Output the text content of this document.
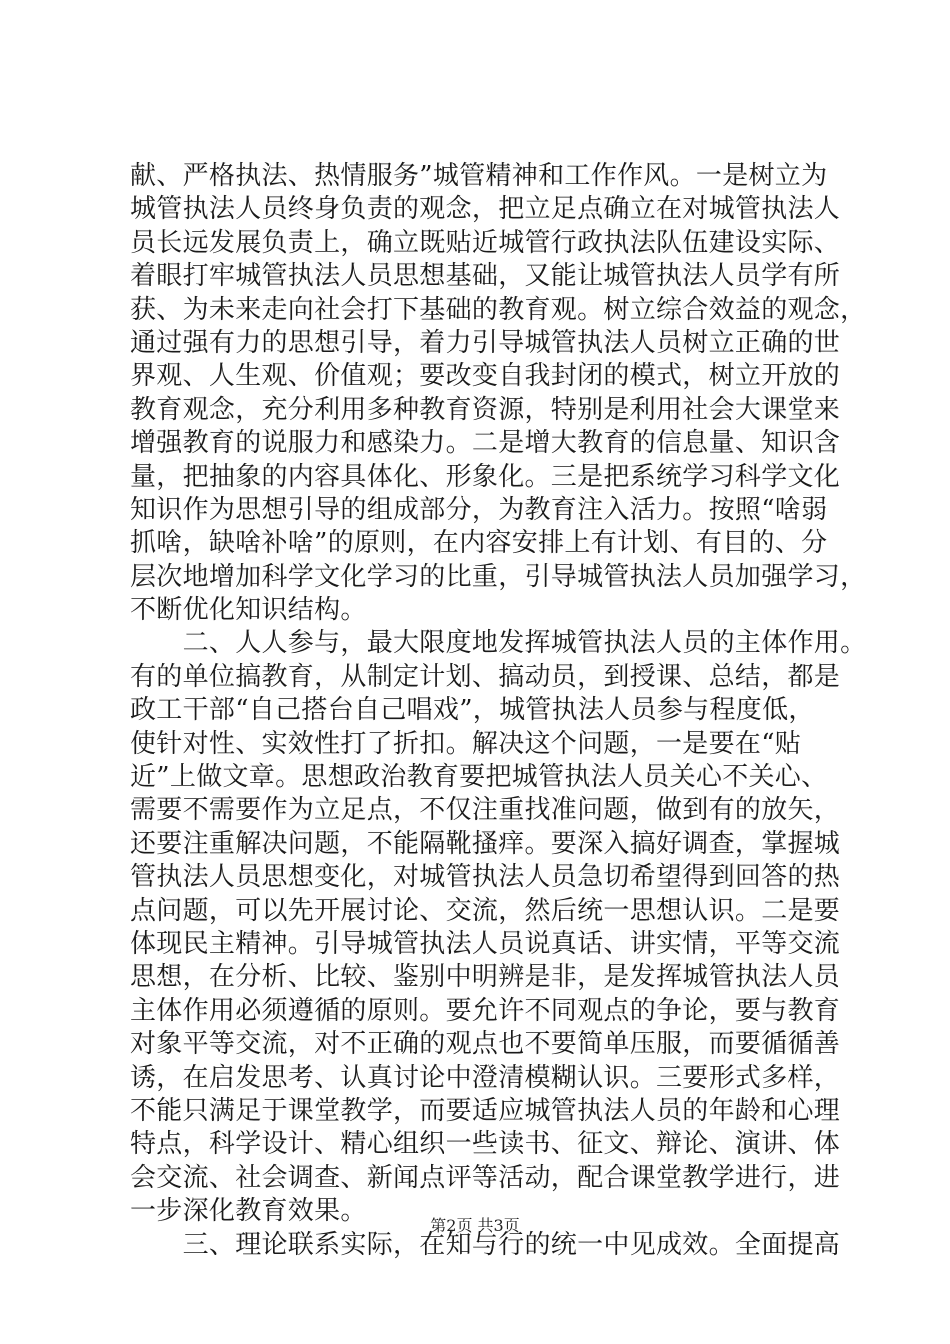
献、严格执法、热情服务”城管精神和工作作风。一是树立为
城管执法人员终身负责的观念，把立足点确立在对城管执法人
员长远发展负责上，确立既贴近城管行政执法队伍建设实际、
着眼打牢城管执法人员思想基础，又能让城管执法人员学有所
获、为未来走向社会打下基础的教育观。树立综合效益的观念，
通过强有力的思想引导，着力引导城管执法人员树立正确的世
界观、人生观、价值观；要改变自我封闭的模式，树立开放的
教育观念，充分利用多种教育资源，特别是利用社会大课堂来
增强教育的说服力和感染力。二是增大教育的信息量、知识含
量，把抽象的内容具体化、形象化。三是把系统学习科学文化
知识作为思想引导的组成部分，为教育注入活力。按照“啥弱
抓啥，缺啥补啥”的原则，在内容安排上有计划、有目的、分
层次地增加科学文化学习的比重，引导城管执法人员加强学习，
不断优化知识结构。
　　二、人人参与，最大限度地发挥城管执法人员的主体作用。
有的单位搞教育，从制定计划、搞动员，到授课、总结，都是
政工干部“自己搭台自己唱戏”，城管执法人员参与程度低，
使针对性、实效性打了折扣。解决这个问题，一是要在“贴
近”上做文章。思想政治教育要把城管执法人员关心不关心、
需要不需要作为立足点，不仅注重找准问题，做到有的放矢，
还要注重解决问题，不能隔靴搔痒。要深入搞好调查，掌握城
管执法人员思想变化，对城管执法人员急切希望得到回答的热
点问题，可以先开展讨论、交流，然后统一思想认识。二是要
体现民主精神。引导城管执法人员说真话、讲实情，平等交流
思想，在分析、比较、鉴别中明辨是非，是发挥城管执法人员
主体作用必须遵循的原则。要允许不同观点的争论，要与教育
对象平等交流，对不正确的观点也不要简单压服，而要循循善
诱，在启发思考、认真讨论中澄清模糊认识。三要形式多样，
不能只满足于课堂教学，而要适应城管执法人员的年龄和心理
特点，科学设计、精心组织一些读书、征文、辩论、演讲、体
会交流、社会调查、新闻点评等活动，配合课堂教学进行，进
一步深化教育效果。
　　三、理论联系实际，在知与行的统一中见成效。全面提高
第2页 共3页
